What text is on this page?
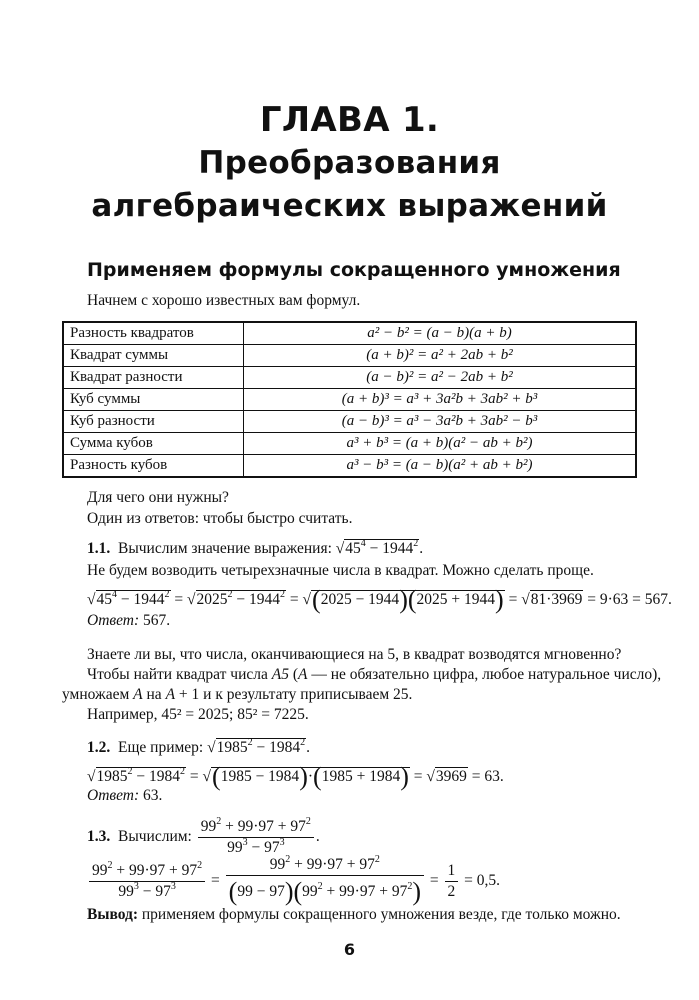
ГЛАВА 1.
Преобразования
алгебраических выражений
Применяем формулы сокращенного умножения
Начнем с хорошо известных вам формул.
Разность квадратов	a² − b² = (a − b)(a + b)
Квадрат суммы	(a + b)² = a² + 2ab + b²
Квадрат разности	(a − b)² = a² − 2ab + b²
Куб суммы	(a + b)³ = a³ + 3a²b + 3ab² + b³
Куб разности	(a − b)³ = a³ − 3a²b + 3ab² − b³
Сумма кубов	a³ + b³ = (a + b)(a² − ab + b²)
Разность кубов	a³ − b³ = (a − b)(a² + ab + b²)
Для чего они нужны?
Один из ответов: чтобы быстро считать.
1.1. Вычислим значение выражения: $√45^4 - 1944^2$.
Не будем возводить четырехзначные числа в квадрат. Можно сделать проще.
$√45^4 - 1944^2 = √2025^2 - 1944^2 = √(2025 - 1944)(2025 + 1944) = √81\cdot 3969 = 9\cdot 63 = 567$.
Ответ: 567.
Знаете ли вы, что числа, оканчивающиеся на 5, в квадрат возводятся мгновенно?
Чтобы найти квадрат числа A5 (A — не обязательно цифра, любое натуральное число),
умножаем A на A + 1 и к результату приписываем 25.
Например, 45² = 2025; 85² = 7225.
1.2. Еще пример: $√1985^2 - 1984^2$.
$√1985^2 - 1984^2 = √(1985 - 1984)\cdot(1985 + 1984) = √3969 = 63$.
Ответ: 63.
1.3. Вычислим: $\frac{99^2 + 99\cdot 97 + 97^2}{99^3 - 97^3}$ .
$\frac{99^2 + 99\cdot 97 + 97^2}{99^3 - 97^3} = \frac{99^2 + 99\cdot 97 + 97^2}{(99 - 97)(99^2 + 99\cdot 97 + 97^2)} = \frac{1}{2} = 0,5$.
Вывод: применяем формулы сокращенного умножения везде, где только можно.
6
